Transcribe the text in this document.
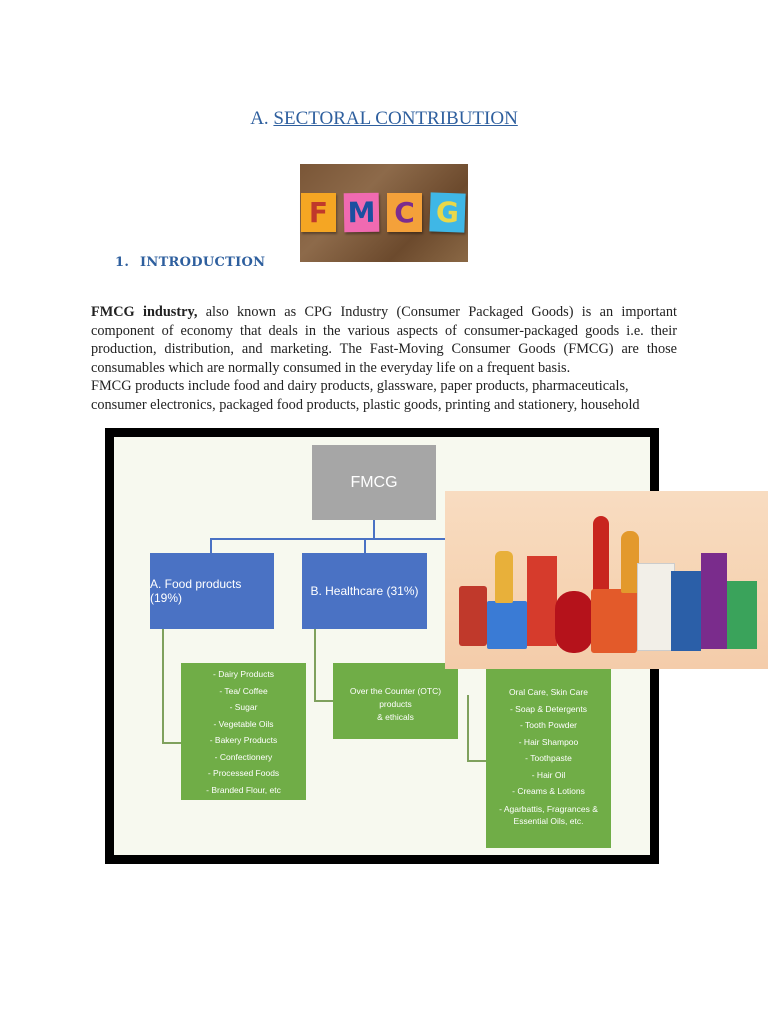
A. SECTORAL CONTRIBUTION
F M C G
1. INTRODUCTION

FMCG industry, also known as CPG Industry (Consumer Packaged Goods) is an important component of economy that deals in the various aspects of consumer-packaged goods i.e. their production, distribution, and marketing. The Fast-Moving Consumer Goods (FMCG) are those consumables which are normally consumed in the everyday life on a frequent basis.

FMCG products include food and dairy products, glassware, paper products, pharmaceuticals,

consumer electronics, packaged food products, plastic goods, printing and stationery, household

FMCG
A. Food products (19%)	B. Healthcare (31%)
- Dairy Products
- Tea/ Coffee
- Sugar
- Vegetable Oils
- Bakery Products
- Confectionery
- Processed Foods
- Branded Flour, etc
Over the Counter (OTC) products
& ethicals
Oral Care, Skin Care
- Soap & Detergents
- Tooth Powder
- Hair Shampoo
- Toothpaste
- Hair Oil
- Creams & Lotions
- Agarbattis, Fragrances &
Essential Oils, etc.
